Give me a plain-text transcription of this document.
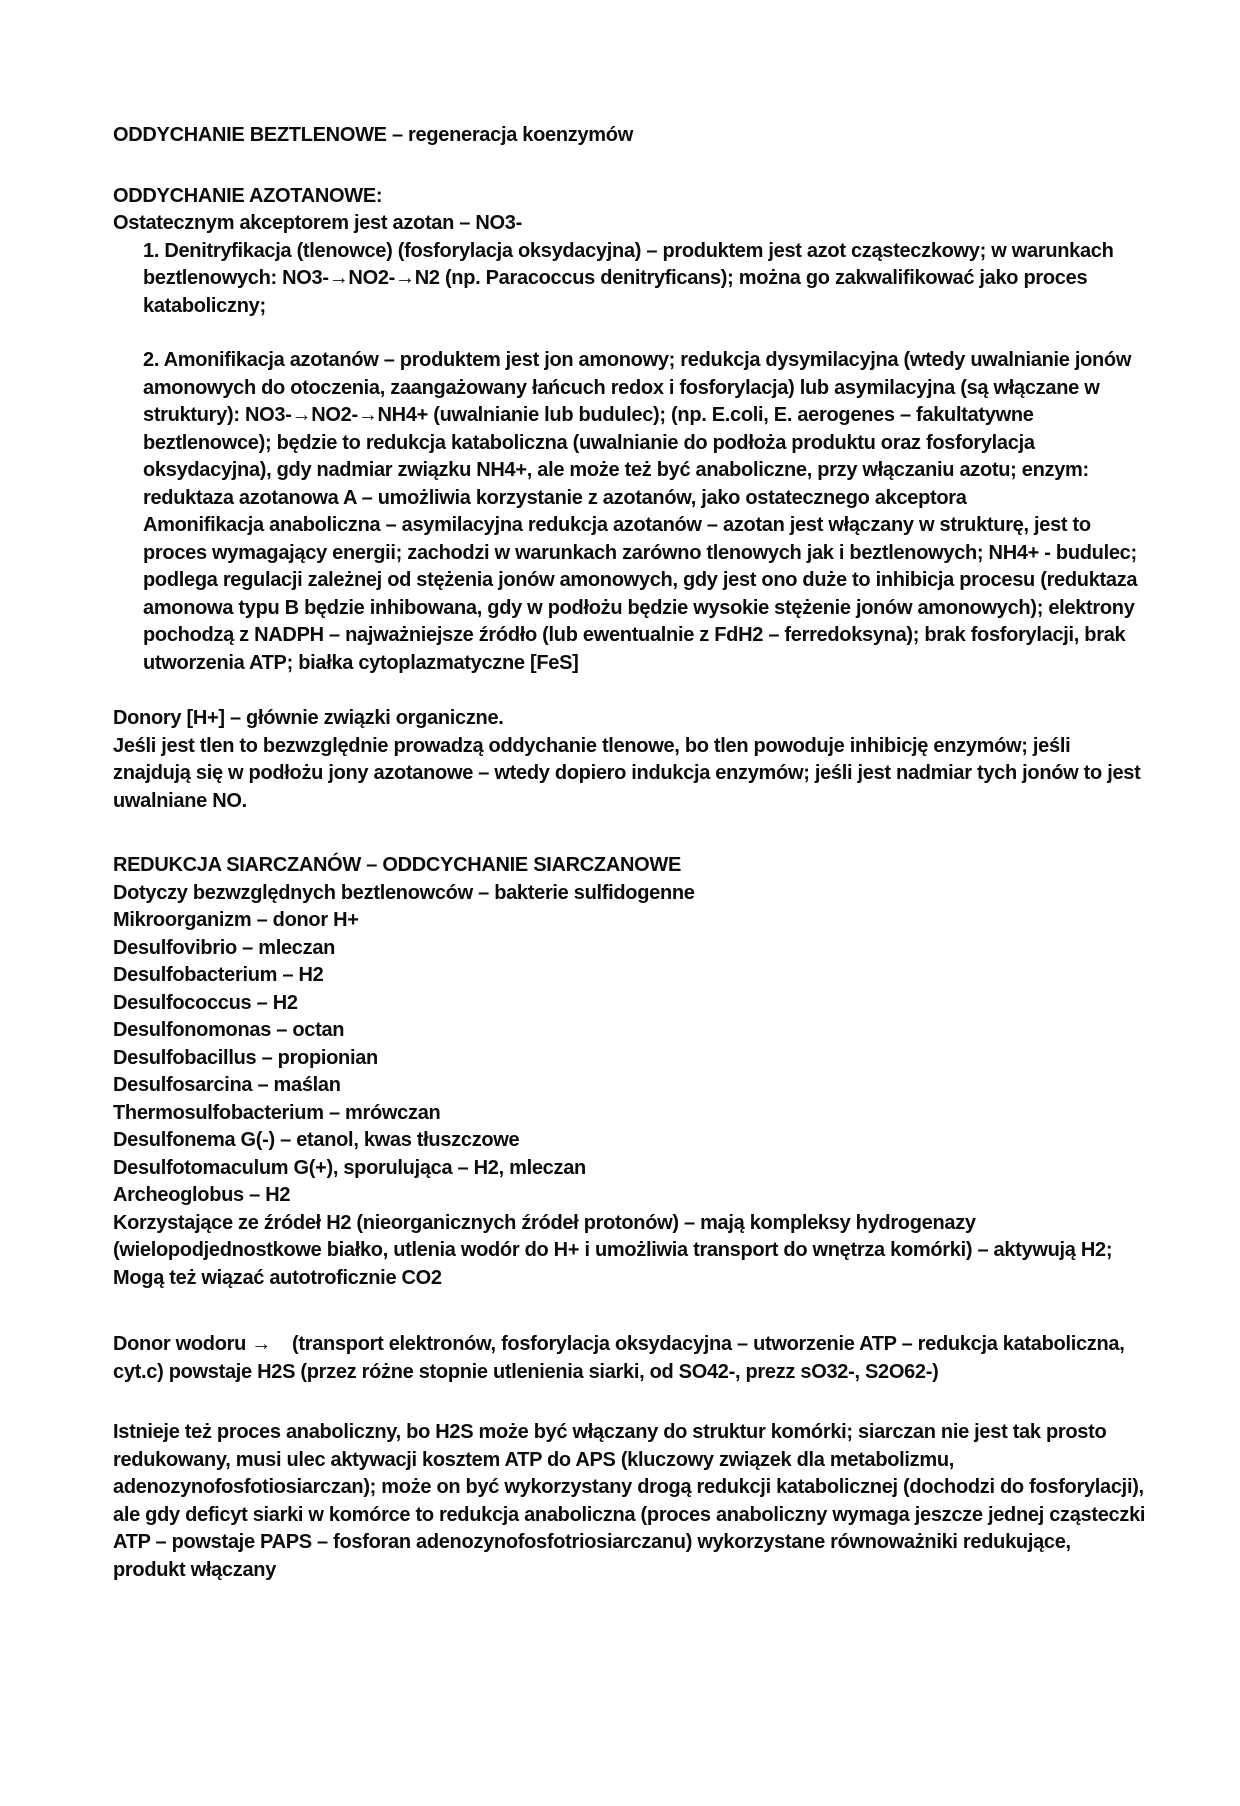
ODDYCHANIE BEZTLENOWE – regeneracja koenzymów

ODDYCHANIE AZOTANOWE:

Ostatecznym akceptorem jest azotan – NO3-

1. Denitryfikacja (tlenowce) (fosforylacja oksydacyjna) – produktem jest azot cząsteczkowy; w warunkach beztlenowych: NO3-→NO2-→N2 (np. Paracoccus denitryficans); można go zakwalifikować jako proces kataboliczny;

2. Amonifikacja azotanów – produktem jest jon amonowy; redukcja dysymilacyjna (wtedy uwalnianie jonów amonowych do otoczenia, zaangażowany łańcuch redox i fosforylacja) lub asymilacyjna (są włączane w struktury): NO3-→NO2-→NH4+ (uwalnianie lub budulec); (np. E.coli, E. aerogenes – fakultatywne beztlenowce); będzie to redukcja kataboliczna (uwalnianie do podłoża produktu oraz fosforylacja oksydacyjna), gdy nadmiar związku NH4+, ale może też być anaboliczne, przy włączaniu azotu; enzym: reduktaza azotanowa A – umożliwia korzystanie z azotanów, jako ostatecznego akceptora

Amonifikacja anaboliczna – asymilacyjna redukcja azotanów – azotan jest włączany w strukturę, jest to proces wymagający energii; zachodzi w warunkach zarówno tlenowych jak i beztlenowych; NH4+ - budulec; podlega regulacji zależnej od stężenia jonów amonowych, gdy jest ono duże to inhibicja procesu (reduktaza amonowa typu B będzie inhibowana, gdy w podłożu będzie wysokie stężenie jonów amonowych); elektrony pochodzą z NADPH – najważniejsze źródło (lub ewentualnie z FdH2 – ferredoksyna); brak fosforylacji, brak utworzenia ATP; białka cytoplazmatyczne [FeS]

Donory [H+] – głównie związki organiczne.

Jeśli jest tlen to bezwzględnie prowadzą oddychanie tlenowe, bo tlen powoduje inhibicję enzymów; jeśli znajdują się w podłożu jony azotanowe – wtedy dopiero indukcja enzymów; jeśli jest nadmiar tych jonów to jest uwalniane NO.

REDUKCJA SIARCZANÓW – ODDCYCHANIE SIARCZANOWE

Dotyczy bezwzględnych beztlenowców – bakterie sulfidogenne

Mikroorganizm – donor H+

Desulfovibrio – mleczan

Desulfobacterium – H2

Desulfococcus – H2

Desulfonomonas – octan

Desulfobacillus – propionian

Desulfosarcina – maślan

Thermosulfobacterium – mrówczan

Desulfonema G(-) – etanol, kwas tłuszczowe

Desulfotomaculum G(+), sporulująca – H2, mleczan

Archeoglobus – H2

Korzystające ze źródeł H2 (nieorganicznych źródeł protonów) – mają kompleksy hydrogenazy (wielopodjednostkowe białko, utlenia wodór do H+ i umożliwia transport do wnętrza komórki) – aktywują H2;

Mogą też wiązać autotroficznie CO2

Donor wodoru →    (transport elektronów, fosforylacja oksydacyjna – utworzenie ATP – redukcja kataboliczna, cyt.c) powstaje H2S (przez różne stopnie utlenienia siarki, od SO42-, prezz sO32-, S2O62-)

Istnieje też proces anaboliczny, bo H2S może być włączany do struktur komórki; siarczan nie jest tak prosto redukowany, musi ulec aktywacji kosztem ATP do APS (kluczowy związek dla metabolizmu, adenozynofosfotiosiarczan); może on być wykorzystany drogą redukcji katabolicznej (dochodzi do fosforylacji), ale gdy deficyt siarki w komórce to redukcja anaboliczna (proces anaboliczny wymaga jeszcze jednej cząsteczki ATP – powstaje PAPS – fosforan adenozynofosfotriosiarczanu) wykorzystane równoważniki redukujące, produkt włączany
